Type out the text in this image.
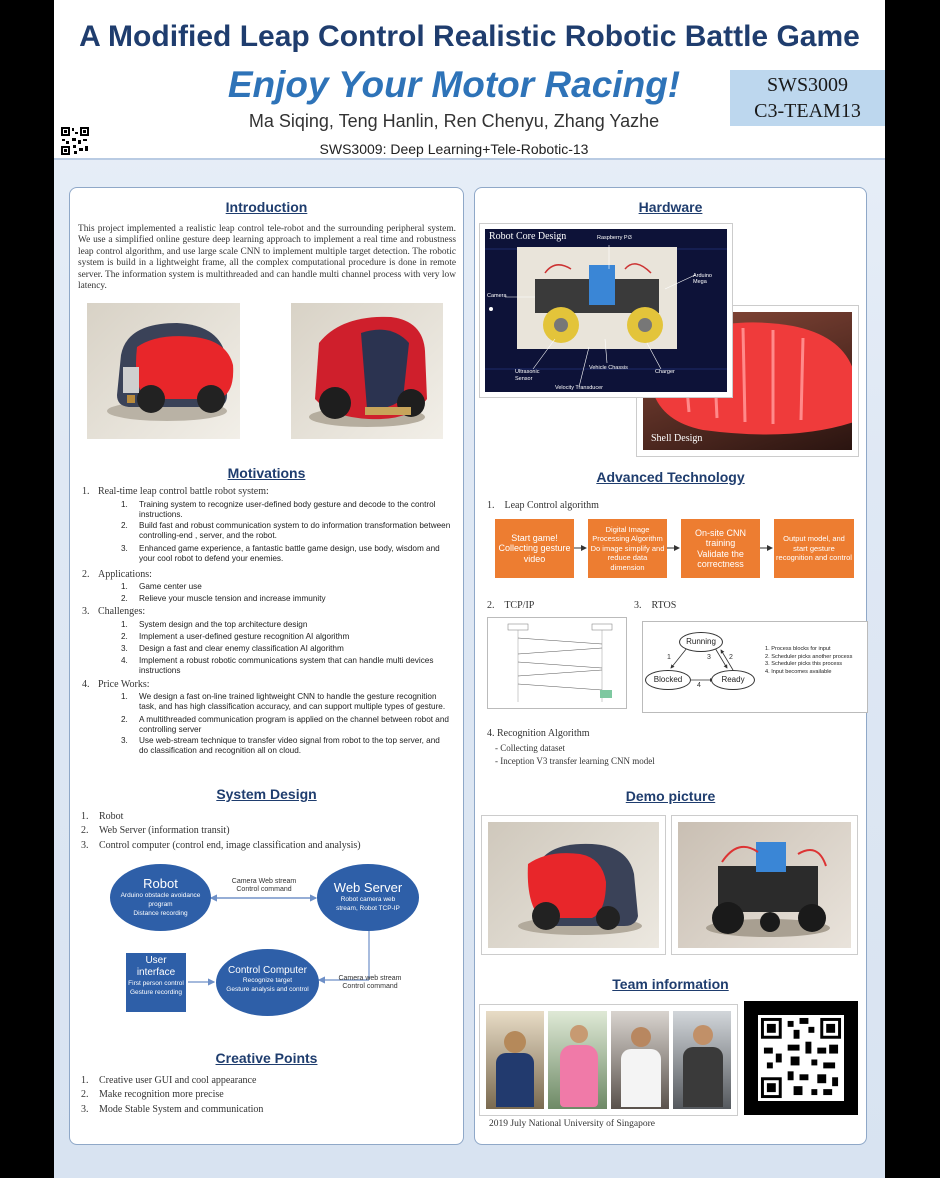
A Modified Leap Control Realistic Robotic Battle Game
Enjoy Your Motor Racing!
Ma Siqing, Teng Hanlin, Ren Chenyu, Zhang Yazhe
SWS3009: Deep Learning+Tele-Robotic-13
SWS3009
C3-TEAM13
Introduction
This project implemented a realistic leap control tele-robot and the surrounding peripheral system. We use a simplified online gesture deep learning approach to implement a real time and robustness leap control algorithm, and use large scale CNN to implement multiple target detection. The robotic system is build in a lightweight frame, all the complex computational procedure is done in remote server. The information system is multithreaded and can handle multi channel process with very low latency.
Motivations
1. Real-time leap control battle robot system:
1. Training system to recognize user-defined body gesture and decode to the control instructions.
2. Build fast and robust communication system to do information transformation between controlling-end , server, and the robot.
3. Enhanced game experience, a fantastic battle game design, use body, wisdom and your cool robot to defend your enemies.
2. Applications:
1. Game center use
2. Relieve your muscle tension and increase immunity
3. Challenges:
1. System design and the top architecture design
2. Implement a user-defined gesture recognition AI algorithm
3. Design a fast and clear enemy classification AI algorithm
4. Implement a robust robotic communications system that can handle multi devices instructions
4. Price Works:
1. We design a fast on-line trained lightweight CNN to handle the gesture recognition task, and has high classification accuracy, and can support multiple types of gesture.
2. A multithreaded communication program is applied on the channel between robot and controlling server
3. Use web-stream technique to transfer video signal from robot to the top server, and do classification and recognition all on cloud.
System Design
1. Robot
2. Web Server (information transit)
3. Control computer (control end, image classification and analysis)
Robot
Arduino obstacle avoidance program
Distance recording
Web Server
Robot camera web stream, Robot TCP-IP
Control Computer
Recognize target
Gesture analysis and control
User interface
First person control
Gesture recording
Camera Web stream
Control command
Camera web stream
Control command
Creative Points
1. Creative user GUI and cool appearance
2. Make recognition more precise
3. Mode Stable System and communication
Hardware
Shell Design
Robot Core Design	Raspberry Pi3
Arduino Mega
Camera
Ultrasonic Sensor
Vehicle Chassis
Charger
Velocity Transducer
Advanced Technology
1.    Leap Control algorithm
Start game!
Collecting gesture video
Digital Image Processing Algorithm
Do image simplify and reduce data dimension
On-site CNN training
Validate the correctness
Output model, and start gesture recognition and control
2.    TCP/IP	3.    RTOS
Running
Blocked	Ready
1	3	2
4
1. Process blocks for input
2. Scheduler picks another process
3. Scheduler picks this process
4. Input becomes available
4. Recognition Algorithm
- Collecting dataset
- Inception V3 transfer learning CNN model
Demo picture
Team information
2019 July National University of Singapore
